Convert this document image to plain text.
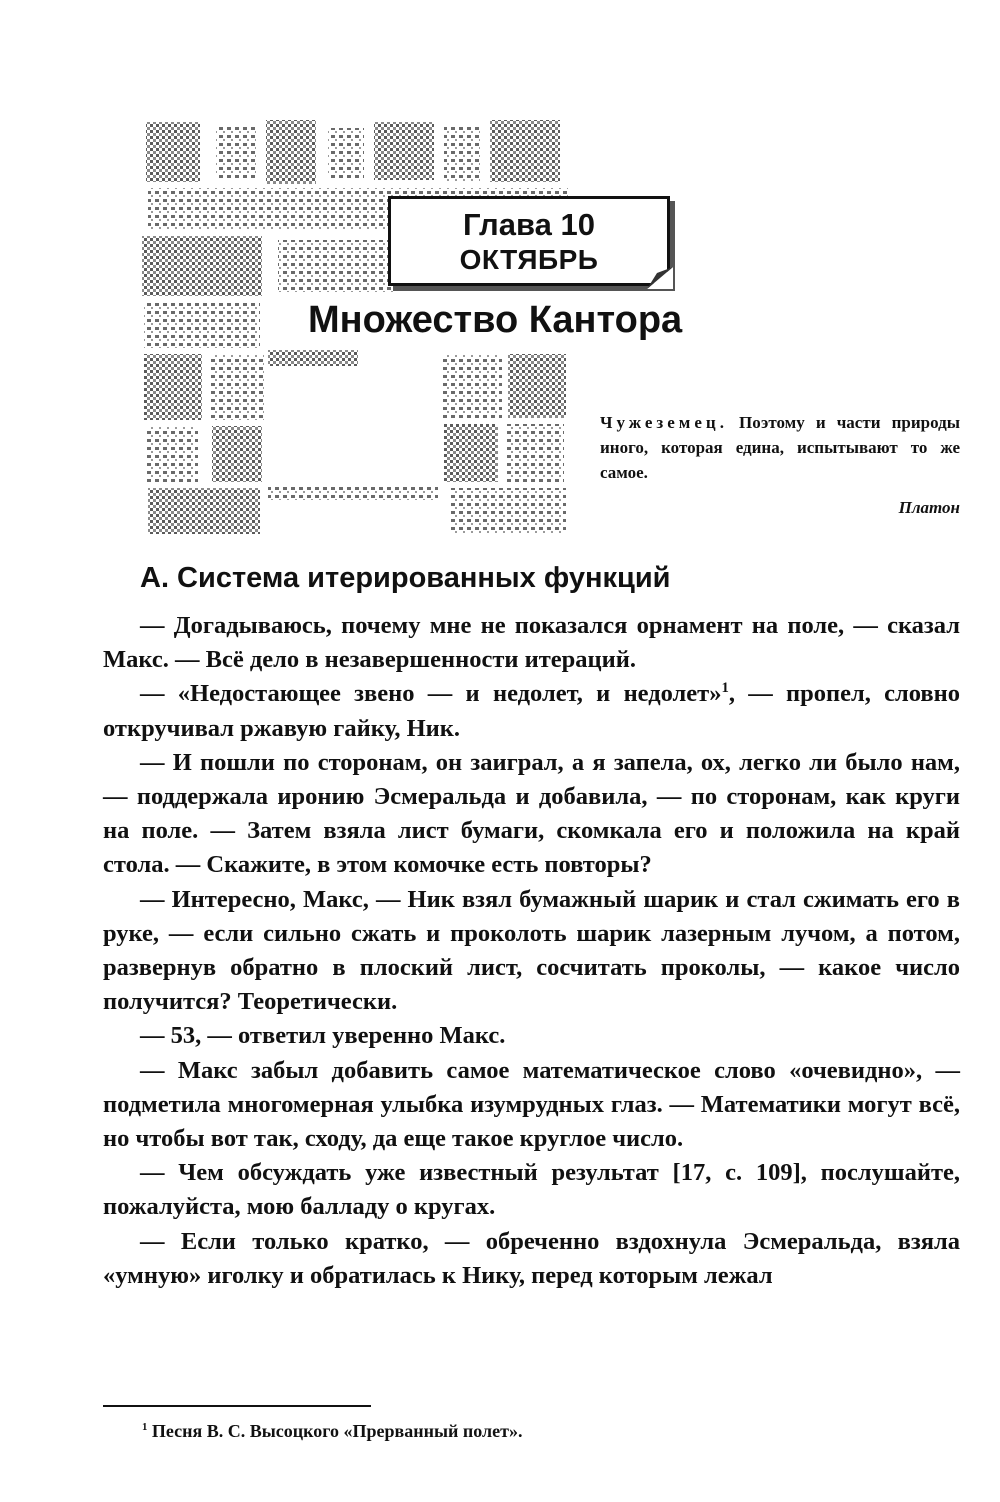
Глава 10
ОКТЯБРЬ
Множество Кантора
Чужеземец. Поэтому и части природы иного, которая едина, испытывают то же самое.
Платон
А. Система итерированных функций

— Догадываюсь, почему мне не показался орнамент на поле, — сказал Макс. — Всё дело в незавершенности итераций.

— «Недостающее звено — и недолет, и недолет»$^1$, — пропел, словно откручивал ржавую гайку, Ник.

— И пошли по сторонам, он заиграл, а я запела, ох, легко ли было нам, — поддержала иронию Эсмеральда и добавила, — по сторонам, как круги на поле. — Затем взяла лист бумаги, скомкала его и положила на край стола. — Скажите, в этом комочке есть повторы?

— Интересно, Макс, — Ник взял бумажный шарик и стал сжимать его в руке, — если сильно сжать и проколоть шарик лазерным лучом, а потом, развернув обратно в плоский лист, сосчитать проколы, — какое число получится? Теоретически.

— 53, — ответил уверенно Макс.

— Макс забыл добавить самое математическое слово «очевидно», — подметила многомерная улыбка изумрудных глаз. — Математики могут всё, но чтобы вот так, сходу, да еще такое круглое число.

— Чем обсуждать уже известный результат [17, с. 109], послушайте, пожалуйста, мою балладу о кругах.

— Если только кратко, — обреченно вздохнула Эсмеральда, взяла «умную» иголку и обратилась к Нику, перед которым лежал

$^1$ Песня В. С. Высоцкого «Прерванный полет».
